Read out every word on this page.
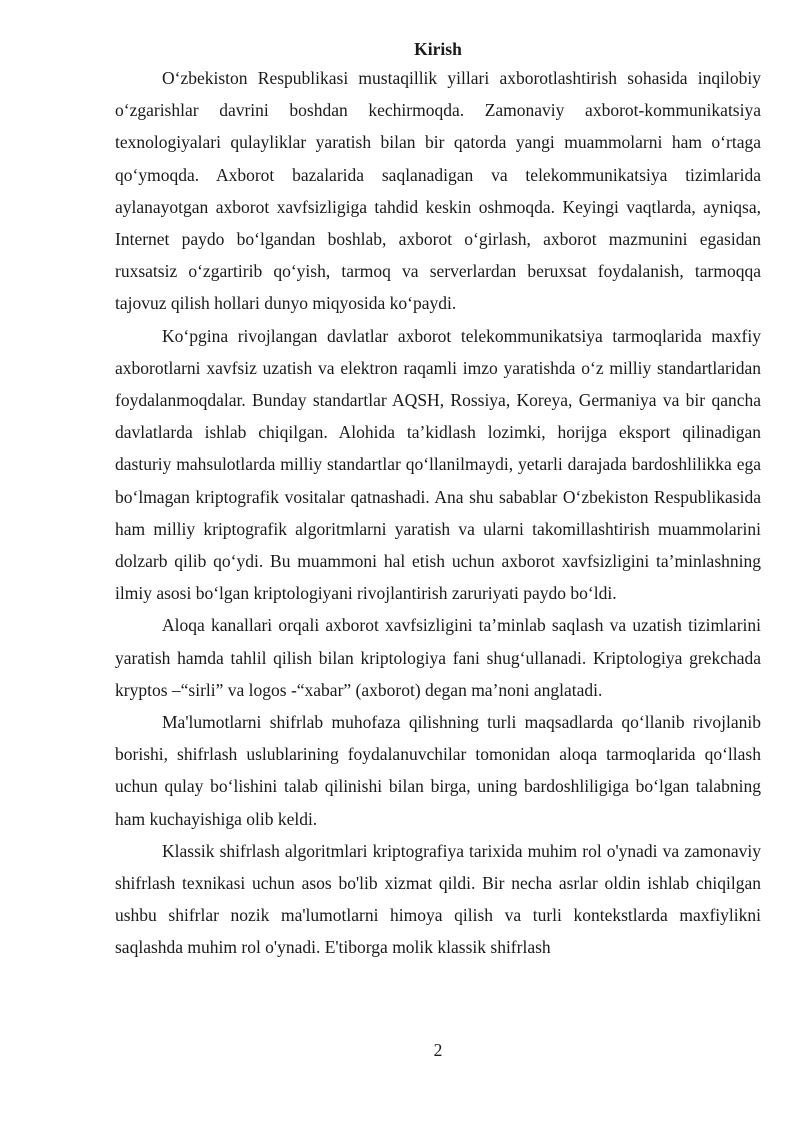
Kirish

O‘zbekiston Respublikasi mustaqillik yillari axborotlashtirish sohasida inqilobiy o‘zgarishlar davrini boshdan kechirmoqda. Zamonaviy axborot-kommunikatsiya texnologiyalari qulayliklar yaratish bilan bir qatorda yangi muammolarni ham o‘rtaga qo‘ymoqda. Axborot bazalarida saqlanadigan va telekommunikatsiya tizimlarida aylanayotgan axborot xavfsizligiga tahdid keskin oshmoqda. Keyingi vaqtlarda, ayniqsa, Internet paydo bo‘lgandan boshlab, axborot o‘girlash, axborot mazmunini egasidan ruxsatsiz o‘zgartirib qo‘yish, tarmoq va serverlardan beruxsat foydalanish, tarmoqqa tajovuz qilish hollari dunyo miqyosida ko‘paydi.

Ko‘pgina rivojlangan davlatlar axborot telekommunikatsiya tarmoqlarida maxfiy axborotlarni xavfsiz uzatish va elektron raqamli imzo yaratishda o‘z milliy standartlaridan foydalanmoqdalar. Bunday standartlar AQSH, Rossiya, Koreya, Germaniya va bir qancha davlatlarda ishlab chiqilgan. Alohida ta’kidlash lozimki, horijga eksport qilinadigan dasturiy mahsulotlarda milliy standartlar qo‘llanilmaydi, yetarli darajada bardoshlilikka ega bo‘lmagan kriptografik vositalar qatnashadi. Ana shu sabablar O‘zbekiston Respublikasida ham milliy kriptografik algoritmlarni yaratish va ularni takomillashtirish muammolarini dolzarb qilib qo‘ydi. Bu muammoni hal etish uchun axborot xavfsizligini ta’minlashning ilmiy asosi bo‘lgan kriptologiyani rivojlantirish zaruriyati paydo bo‘ldi.

Aloqa kanallari orqali axborot xavfsizligini ta’minlab saqlash va uzatish tizimlarini yaratish hamda tahlil qilish bilan kriptologiya fani shug‘ullanadi. Kriptologiya grekchada kryptos –“sirli” va logos -“xabar” (axborot) degan ma’noni anglatadi.

Ma'lumotlarni shifrlab muhofaza qilishning turli maqsadlarda qo‘llanib rivojlanib borishi, shifrlash uslublarining foydalanuvchilar tomonidan aloqa tarmoqlarida qo‘llash uchun qulay bo‘lishini talab qilinishi bilan birga, uning bardoshliligiga bo‘lgan talabning ham kuchayishiga olib keldi.

Klassik shifrlash algoritmlari kriptografiya tarixida muhim rol o'ynadi va zamonaviy shifrlash texnikasi uchun asos bo'lib xizmat qildi. Bir necha asrlar oldin ishlab chiqilgan ushbu shifrlar nozik ma'lumotlarni himoya qilish va turli kontekstlarda maxfiylikni saqlashda muhim rol o'ynadi. E'tiborga molik klassik shifrlash

2
